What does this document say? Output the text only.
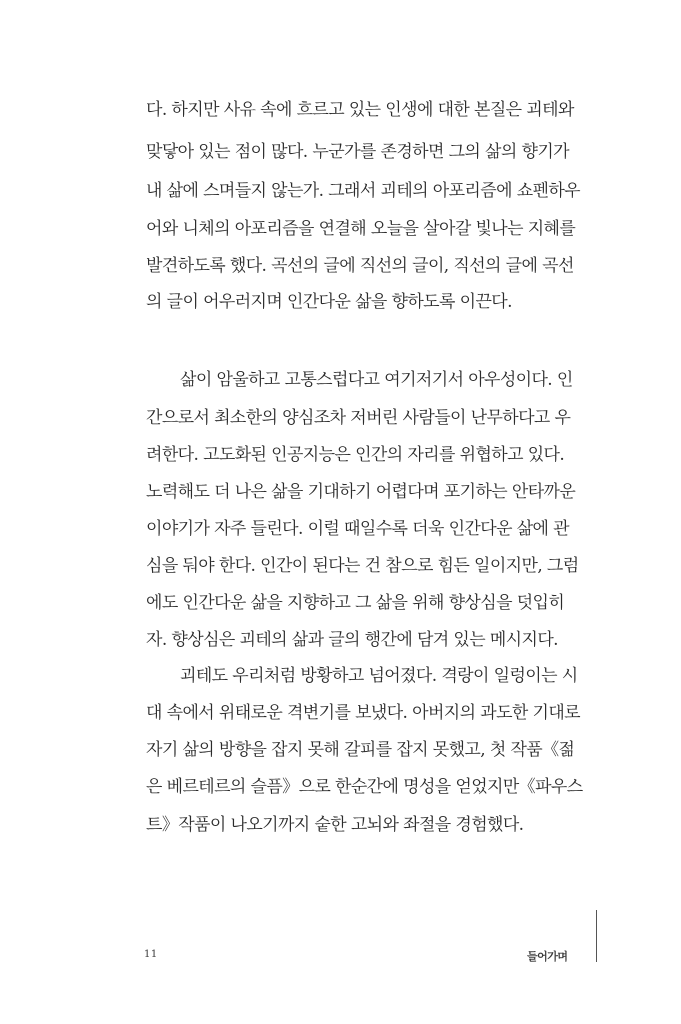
다. 하지만 사유 속에 흐르고 있는 인생에 대한 본질은 괴테와
맞닿아 있는 점이 많다. 누군가를 존경하면 그의 삶의 향기가
내 삶에 스며들지 않는가. 그래서 괴테의 아포리즘에 쇼펜하우
어와 니체의 아포리즘을 연결해 오늘을 살아갈 빛나는 지혜를
발견하도록 했다. 곡선의 글에 직선의 글이, 직선의 글에 곡선
의 글이 어우러지며 인간다운 삶을 향하도록 이끈다.
삶이 암울하고 고통스럽다고 여기저기서 아우성이다. 인
간으로서 최소한의 양심조차 저버린 사람들이 난무하다고 우
려한다. 고도화된 인공지능은 인간의 자리를 위협하고 있다.
노력해도 더 나은 삶을 기대하기 어렵다며 포기하는 안타까운
이야기가 자주 들린다. 이럴 때일수록 더욱 인간다운 삶에 관
심을 둬야 한다. 인간이 된다는 건 참으로 힘든 일이지만, 그럼
에도 인간다운 삶을 지향하고 그 삶을 위해 향상심을 덧입히
자. 향상심은 괴테의 삶과 글의 행간에 담겨 있는 메시지다.
괴테도 우리처럼 방황하고 넘어졌다. 격랑이 일렁이는 시
대 속에서 위태로운 격변기를 보냈다. 아버지의 과도한 기대로
자기 삶의 방향을 잡지 못해 갈피를 잡지 못했고, 첫 작품《젊
은 베르테르의 슬픔》으로 한순간에 명성을 얻었지만《파우스
트》작품이 나오기까지 숱한 고뇌와 좌절을 경험했다.
11	들어가며
